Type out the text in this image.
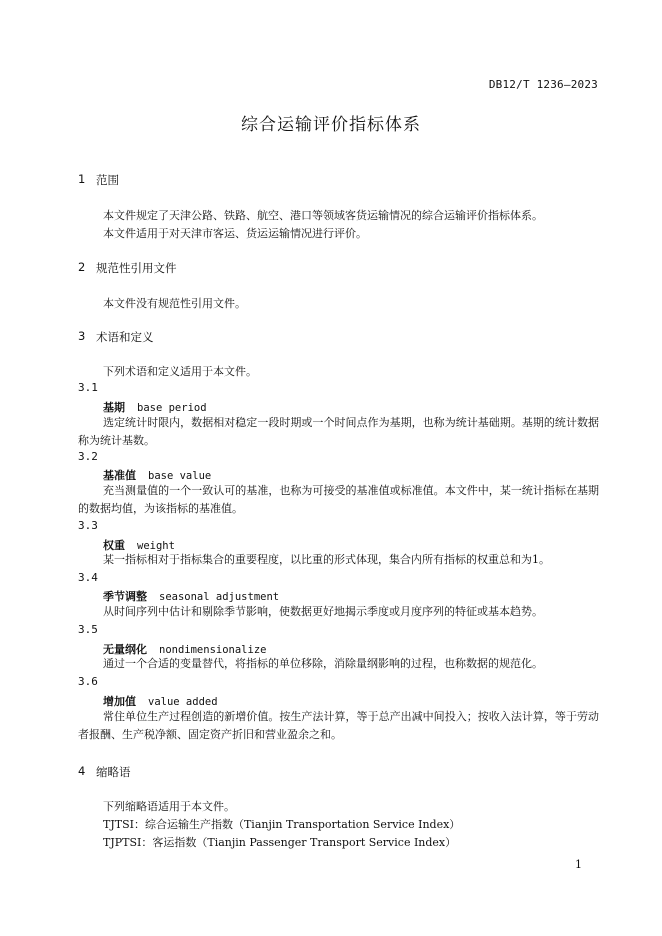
DB12/T 1236—2023
综合运输评价指标体系
1 范围
本文件规定了天津公路、铁路、航空、港口等领域客货运输情况的综合运输评价指标体系。
本文件适用于对天津市客运、货运运输情况进行评价。
2 规范性引用文件
本文件没有规范性引用文件。
3 术语和定义
下列术语和定义适用于本文件。
3.1
基期 base period
选定统计时限内，数据相对稳定一段时期或一个时间点作为基期，也称为统计基础期。基期的统计数据称为统计基数。
3.2
基准值 base value
充当测量值的一个一致认可的基准，也称为可接受的基准值或标准值。本文件中，某一统计指标在基期的数据均值，为该指标的基准值。
3.3
权重 weight
某一指标相对于指标集合的重要程度，以比重的形式体现，集合内所有指标的权重总和为1。
3.4
季节调整 seasonal adjustment
从时间序列中估计和剔除季节影响，使数据更好地揭示季度或月度序列的特征或基本趋势。
3.5
无量纲化 nondimensionalize
通过一个合适的变量替代，将指标的单位移除，消除量纲影响的过程，也称数据的规范化。
3.6
增加值 value added
常住单位生产过程创造的新增价值。按生产法计算，等于总产出减中间投入；按收入法计算，等于劳动者报酬、生产税净额、固定资产折旧和营业盈余之和。
4 缩略语
下列缩略语适用于本文件。
TJTSI：综合运输生产指数（Tianjin Transportation Service Index）
TJPTSI：客运指数（Tianjin Passenger Transport Service Index）
1
